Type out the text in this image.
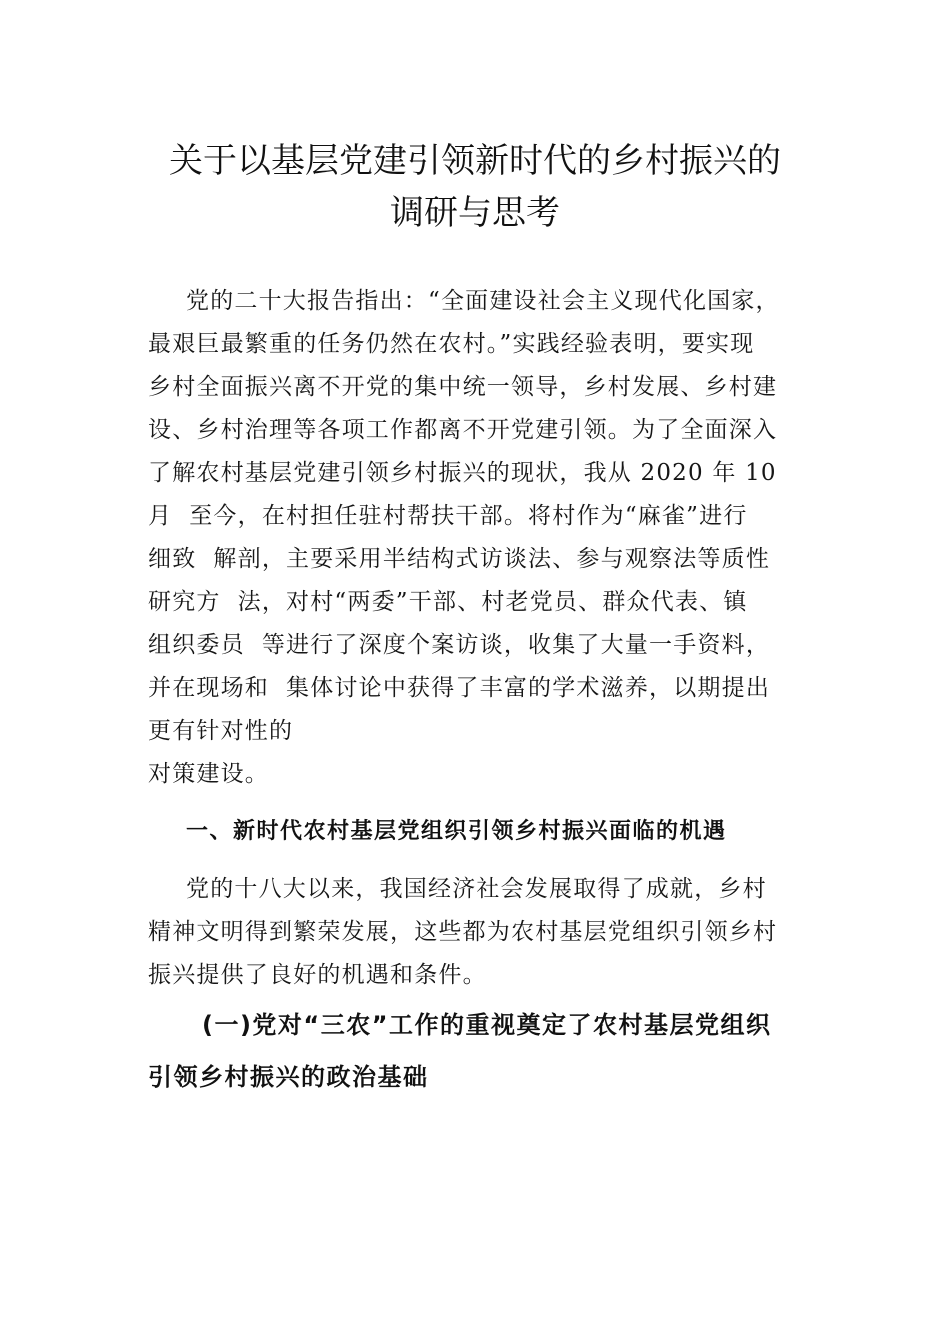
关于以基层党建引领新时代的乡村振兴的
调研与思考
党的二十大报告指出：“全面建设社会主义现代化国家，
最艰巨最繁重的任务仍然在农村。”实践经验表明，要实现
乡村全面振兴离不开党的集中统一领导，乡村发展、乡村建
设、乡村治理等各项工作都离不开党建引领。为了全面深入
了解农村基层党建引领乡村振兴的现状，我从 2020 年 10
月  至今，在村担任驻村帮扶干部。将村作为“麻雀”进行
细致  解剖，主要采用半结构式访谈法、参与观察法等质性
研究方  法，对村“两委”干部、村老党员、群众代表、镇
组织委员  等进行了深度个案访谈，收集了大量一手资料，
并在现场和  集体讨论中获得了丰富的学术滋养，以期提出
更有针对性的
对策建设。
一、新时代农村基层党组织引领乡村振兴面临的机遇
党的十八大以来，我国经济社会发展取得了成就，乡村
精神文明得到繁荣发展，这些都为农村基层党组织引领乡村
振兴提供了良好的机遇和条件。
(一)党对“三农”工作的重视奠定了农村基层党组织
引领乡村振兴的政治基础
